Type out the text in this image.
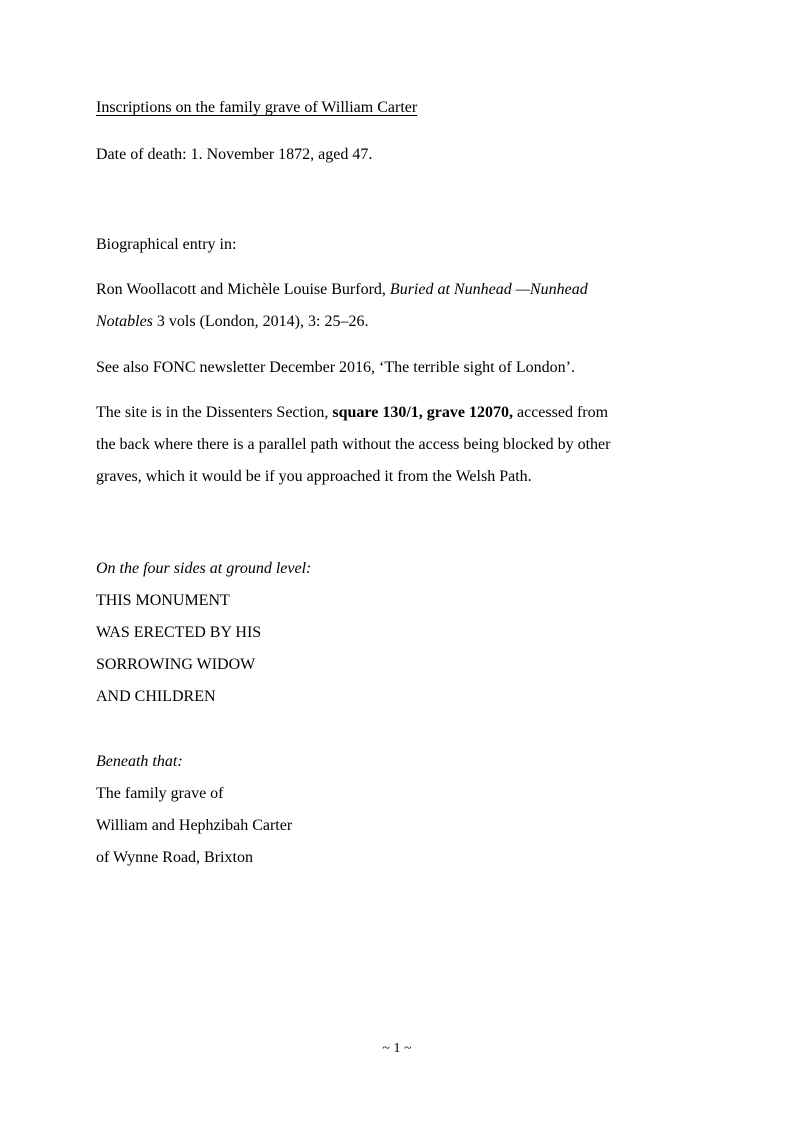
Inscriptions on the family grave of William Carter
Date of death: 1. November 1872, aged 47.
Biographical entry in:
Ron Woollacott and Michèle Louise Burford, Buried at Nunhead —Nunhead
Notables 3 vols (London, 2014), 3: 25–26.
See also FONC newsletter December 2016, ‘The terrible sight of London’.
The site is in the Dissenters Section, square 130/1, grave 12070, accessed from
the back where there is a parallel path without the access being blocked by other
graves, which it would be if you approached it from the Welsh Path.
On the four sides at ground level:
THIS MONUMENT
WAS ERECTED BY HIS
SORROWING WIDOW
AND CHILDREN
Beneath that:
The family grave of
William and Hephzibah Carter
of Wynne Road, Brixton
~ 1 ~
